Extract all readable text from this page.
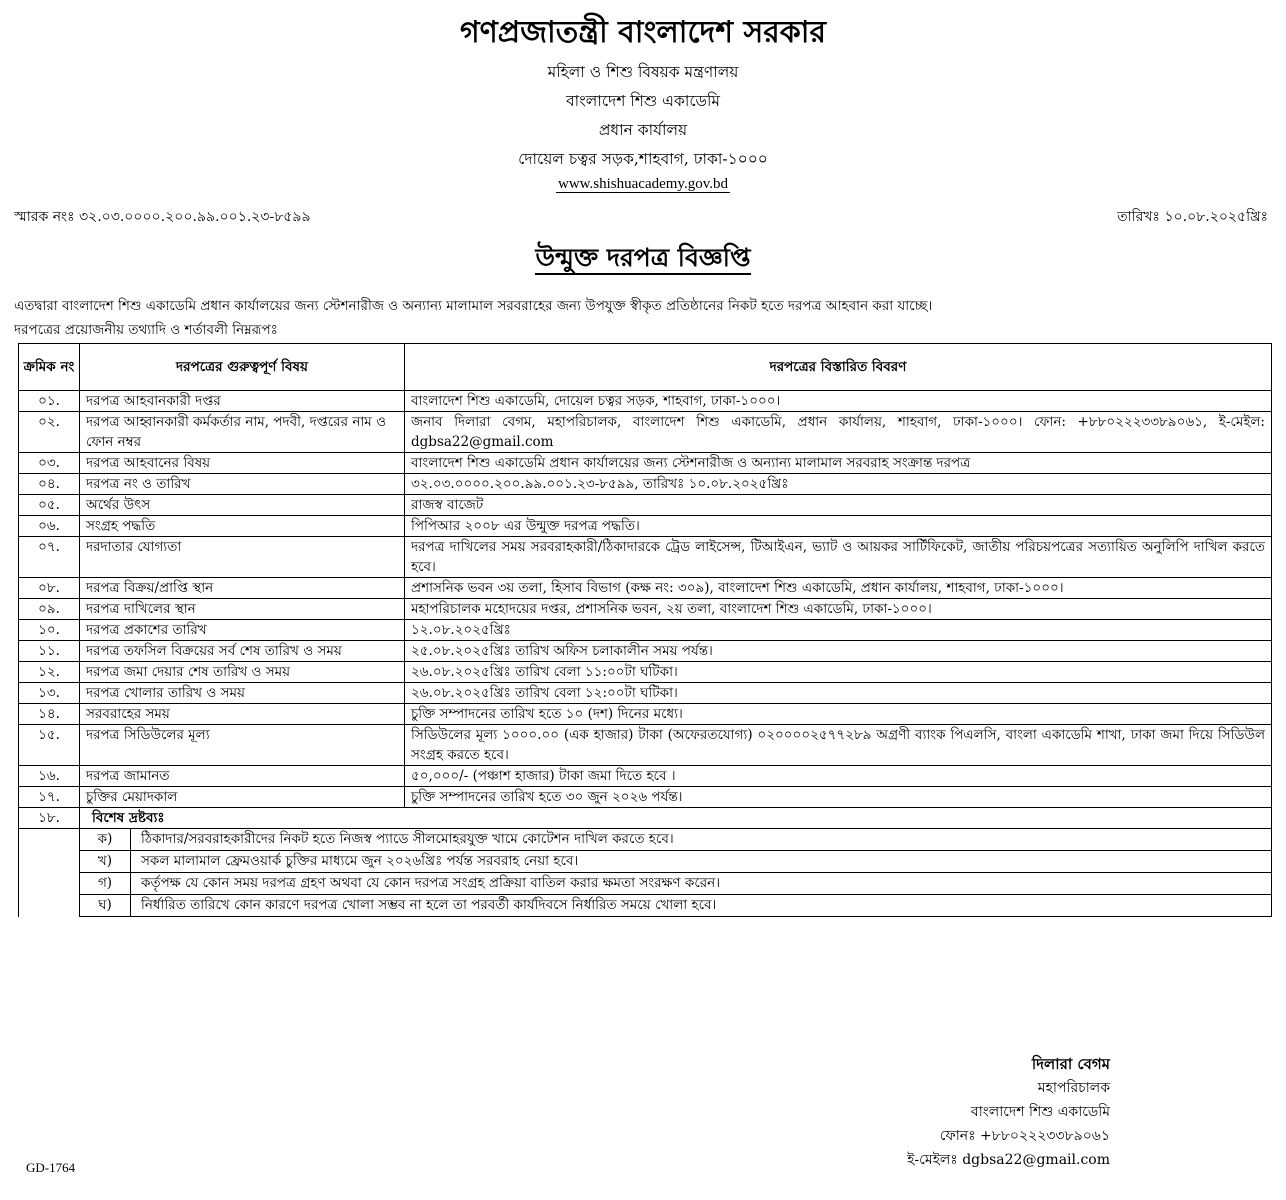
গণপ্রজাতন্ত্রী বাংলাদেশ সরকার
মহিলা ও শিশু বিষয়ক মন্ত্রণালয়
বাংলাদেশ শিশু একাডেমি
প্রধান কার্যালয়
দোয়েল চত্বর সড়ক,শাহবাগ, ঢাকা-১০০০
www.shishuacademy.gov.bd
স্মারক নংঃ ৩২.০৩.০০০০.২০০.৯৯.০০১.২৩-৮৫৯৯	তারিখঃ ১০.০৮.২০২৫খ্রিঃ
উন্মুক্ত দরপত্র বিজ্ঞপ্তি
এতদ্বারা বাংলাদেশ শিশু একাডেমি প্রধান কার্যালয়ের জন্য স্টেশনারীজ ও অন্যান্য মালামাল সরবরাহের জন্য উপযুক্ত স্বীকৃত প্রতিষ্ঠানের নিকট হতে দরপত্র আহবান করা যাচ্ছে।
দরপত্রের প্রয়োজনীয় তথ্যাদি ও শর্তাবলী নিম্নরূপঃ
ক্রমিক নং	দরপত্রের গুরুত্বপূর্ণ বিষয়	দরপত্রের বিস্তারিত বিবরণ
০১.	দরপত্র আহবানকারী দপ্তর	বাংলাদেশ শিশু একাডেমি, দোয়েল চত্বর সড়ক, শাহবাগ, ঢাকা-১০০০।
০২.	দরপত্র আহ্বানকারী কর্মকর্তার নাম, পদবী, দপ্তরের নাম ও ফোন নম্বর	জনাব দিলারা বেগম, মহাপরিচালক, বাংলাদেশ শিশু একাডেমি, প্রধান কার্যালয়, শাহবাগ, ঢাকা-১০০০। ফোন: +৮৮০২২২৩৩৮৯০৬১, ই-মেইল: dgbsa22@gmail.com
০৩.	দরপত্র আহবানের বিষয়	বাংলাদেশ শিশু একাডেমি প্রধান কার্যালয়ের জন্য স্টেশনারীজ ও অন্যান্য মালামাল সরবরাহ সংক্রান্ত দরপত্র
০৪.	দরপত্র নং ও তারিখ	৩২.০৩.০০০০.২০০.৯৯.০০১.২৩-৮৫৯৯, তারিখঃ ১০.০৮.২০২৫খ্রিঃ
০৫.	অর্থের উৎস	রাজস্ব বাজেট
০৬.	সংগ্রহ পদ্ধতি	পিপিআর ২০০৮ এর উন্মুক্ত দরপত্র পদ্ধতি।
০৭.	দরদাতার যোগ্যতা	দরপত্র দাখিলের সময় সরবরাহকারী/ঠিকাদারকে ট্রেড লাইসেন্স, টিআইএন, ভ্যাট ও আয়কর সার্টিফিকেট, জাতীয় পরিচয়পত্রের সত্যায়িত অনুলিপি দাখিল করতে হবে।
০৮.	দরপত্র বিক্রয়/প্রাপ্তি স্থান	প্রশাসনিক ভবন ৩য় তলা, হিসাব বিভাগ (কক্ষ নং: ৩০৯), বাংলাদেশ শিশু একাডেমি, প্রধান কার্যালয়, শাহবাগ, ঢাকা-১০০০।
০৯.	দরপত্র দাখিলের স্থান	মহাপরিচালক মহোদয়ের দপ্তর, প্রশাসনিক ভবন, ২য় তলা, বাংলাদেশ শিশু একাডেমি, ঢাকা-১০০০।
১০.	দরপত্র প্রকাশের তারিখ	১২.০৮.২০২৫খ্রিঃ
১১.	দরপত্র তফসিল বিক্রয়ের সর্ব শেষ তারিখ ও সময়	২৫.০৮.২০২৫খ্রিঃ তারিখ অফিস চলাকালীন সময় পর্যন্ত।
১২.	দরপত্র জমা দেয়ার শেষ তারিখ ও সময়	২৬.০৮.২০২৫খ্রিঃ তারিখ বেলা ১১:০০টা ঘটিকা।
১৩.	দরপত্র খোলার তারিখ ও সময়	২৬.০৮.২০২৫খ্রিঃ তারিখ বেলা ১২:০০টা ঘটিকা।
১৪.	সরবরাহের সময়	চুক্তি সম্পাদনের তারিখ হতে ১০ (দশ) দিনের মধ্যে।
১৫.	দরপত্র সিডিউলের মূল্য	সিডিউলের মূল্য ১০০০.০০ (এক হাজার) টাকা (অফেরতযোগ্য) ০২০০০০২৫৭৭২৮৯ অগ্রণী ব্যাংক পিএলসি, বাংলা একাডেমি শাখা, ঢাকা জমা দিয়ে সিডিউল সংগ্রহ করতে হবে।
১৬.	দরপত্র জামানত	৫০,০০০/- (পঞ্চাশ হাজার) টাকা জমা দিতে হবে ।
১৭.	চুক্তির মেয়াদকাল	চুক্তি সম্পাদনের তারিখ হতে ৩০ জুন ২০২৬ পর্যন্ত।
১৮.	বিশেষ দ্রষ্টব্যঃ	

	ক) ঠিকাদার/সরবরাহকারীদের নিকট হতে নিজস্ব প্যাডে সীলমোহরযুক্ত খামে কোটেশন দাখিল করতে হবে।	

	খ) সকল মালামাল ফ্রেমওয়ার্ক চুক্তির মাধ্যমে জুন ২০২৬খ্রিঃ পর্যন্ত সরবরাহ নেয়া হবে।	

	গ) কর্তৃপক্ষ যে কোন সময় দরপত্র গ্রহণ অথবা যে কোন দরপত্র সংগ্রহ প্রক্রিয়া বাতিল করার ক্ষমতা সংরক্ষণ করেন।	

	ঘ) নির্ধারিত তারিখে কোন কারণে দরপত্র খোলা সম্ভব না হলে তা পরবর্তী কার্যদিবসে নির্ধারিত সময়ে খোলা হবে।	
দিলারা বেগম
মহাপরিচালক
বাংলাদেশ শিশু একাডেমি
ফোনঃ +৮৮০২২২৩৩৮৯০৬১
ই-মেইলঃ dgbsa22@gmail.com
GD-1764
